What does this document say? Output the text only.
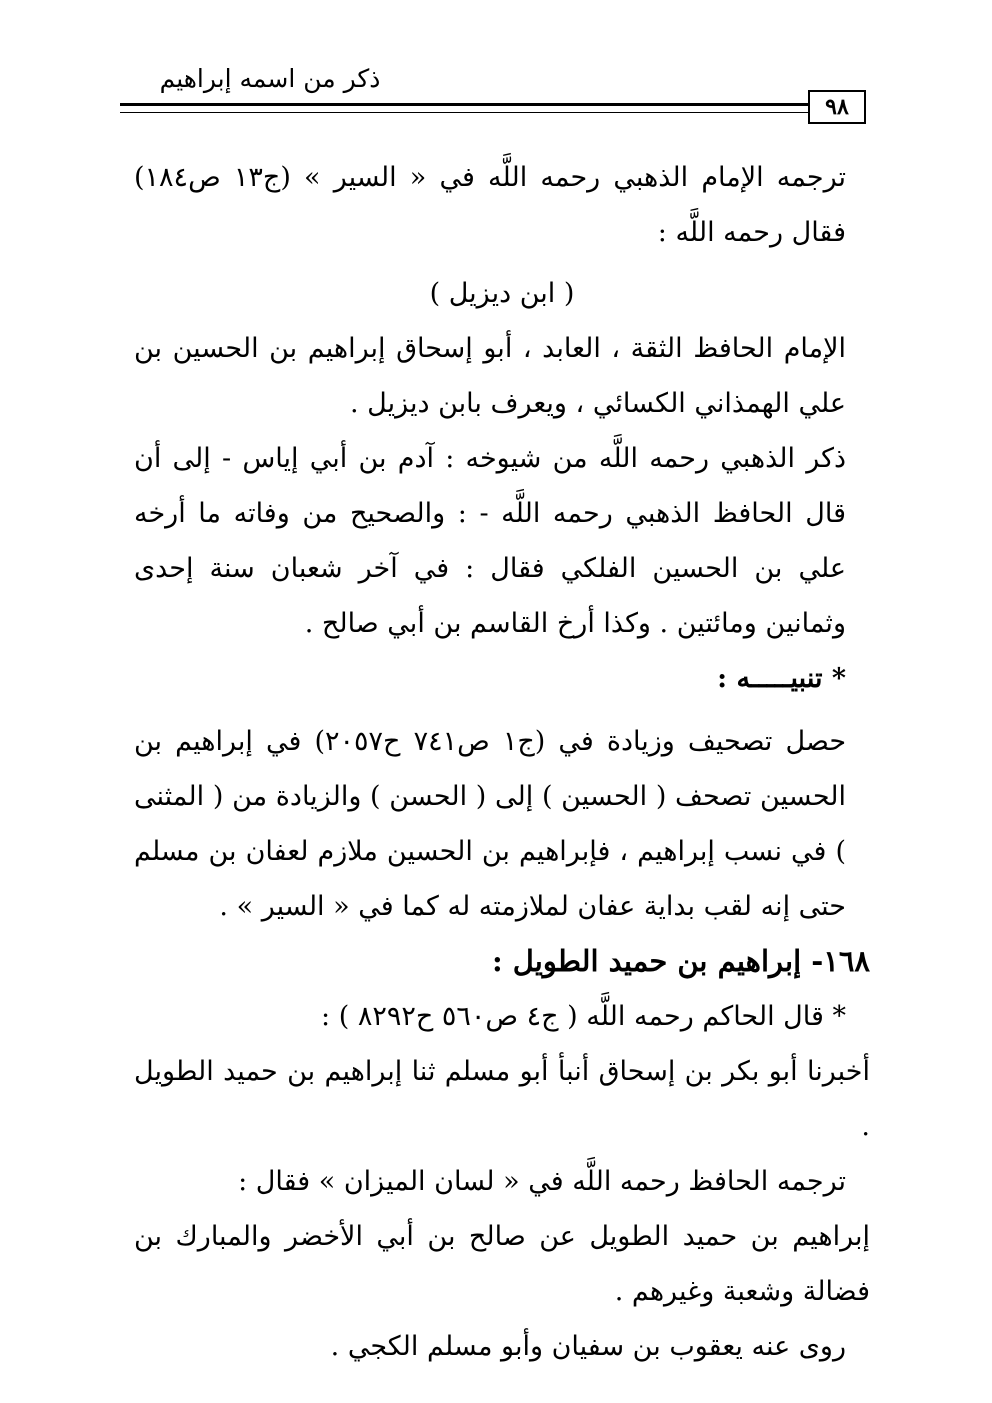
ذكر من اسمه إبراهيم
٩٨

ترجمه الإمام الذهبي رحمه اللَّه في « السير » (ج١٣ ص١٨٤) فقال رحمه اللَّه :

( ابن ديزيل )

الإمام الحافظ الثقة ، العابد ، أبو إسحاق إبراهيم بن الحسين بن علي الهمذاني الكسائي ، ويعرف بابن ديزيل .

ذكر الذهبي رحمه اللَّه من شيوخه : آدم بن أبي إياس - إلى أن قال الحافظ الذهبي رحمه اللَّه - : والصحيح من وفاته ما أرخه علي بن الحسين الفلكي فقال : في آخر شعبان سنة إحدى وثمانين ومائتين . وكذا أرخ القاسم بن أبي صالح .

* تنبيـــــه :

حصل تصحيف وزيادة في (ج١ ص٧٤١ ح٢٠٥٧) في إبراهيم بن الحسين تصحف ( الحسين ) إلى ( الحسن ) والزيادة من ( المثنى ) في نسب إبراهيم ، فإبراهيم بن الحسين ملازم لعفان بن مسلم حتى إنه لقب بداية عفان لملازمته له كما في « السير » .

١٦٨- إبراهيم بن حميد الطويل :

* قال الحاكم رحمه اللَّه ( ج٤ ص٥٦٠ ح٨٢٩٢ ) :

أخبرنا أبو بكر بن إسحاق أنبأ أبو مسلم ثنا إبراهيم بن حميد الطويل .

ترجمه الحافظ رحمه اللَّه في « لسان الميزان » فقال :

إبراهيم بن حميد الطويل عن صالح بن أبي الأخضر والمبارك بن فضالة وشعبة وغيرهم .

روى عنه يعقوب بن سفيان وأبو مسلم الكجي .
